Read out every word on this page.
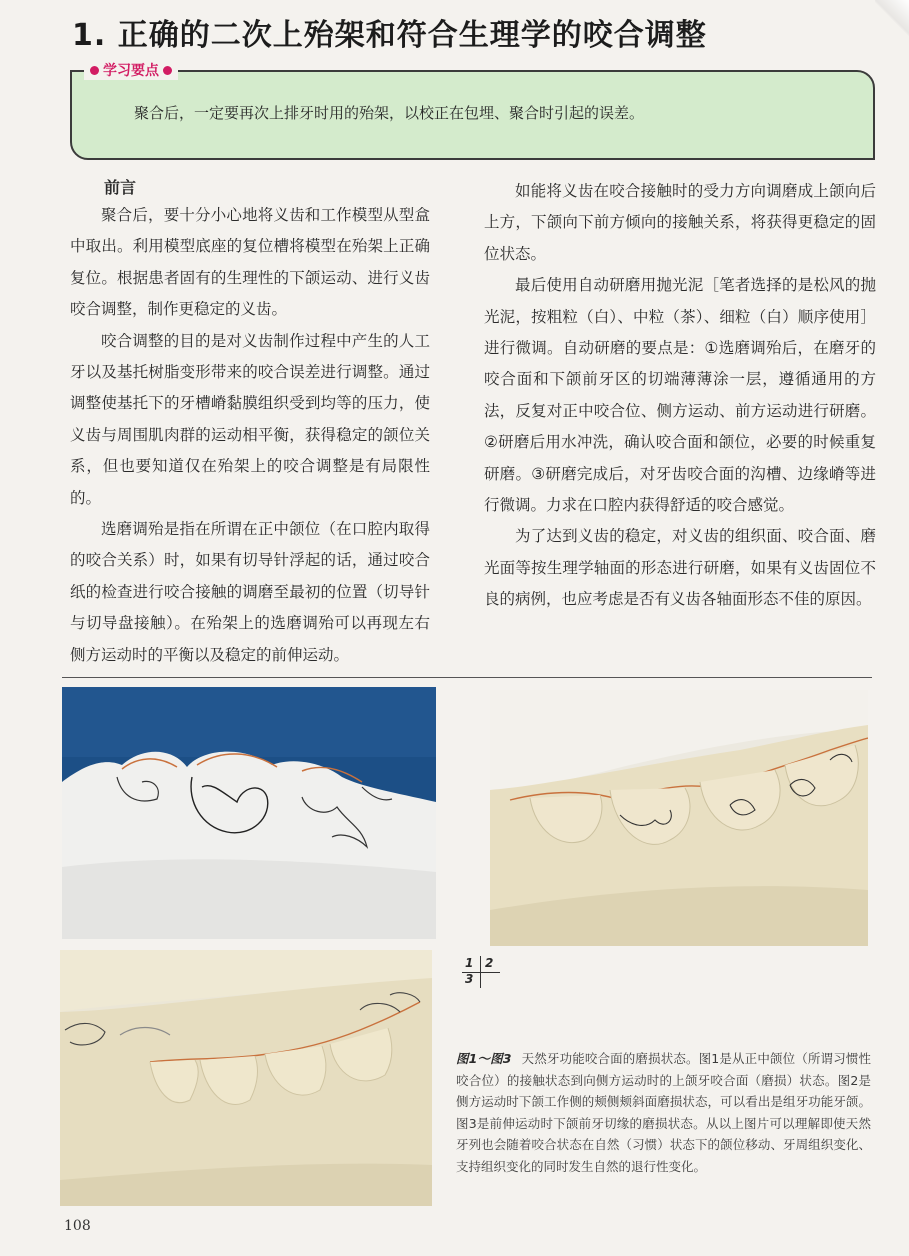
1. 正确的二次上殆架和符合生理学的咬合调整
学习要点
聚合后，一定要再次上排牙时用的殆架，以校正在包埋、聚合时引起的误差。
前言

聚合后，要十分小心地将义齿和工作模型从型盒中取出。利用模型底座的复位槽将模型在殆架上正确复位。根据患者固有的生理性的下颌运动、进行义齿咬合调整，制作更稳定的义齿。

咬合调整的目的是对义齿制作过程中产生的人工牙以及基托树脂变形带来的咬合误差进行调整。通过调整使基托下的牙槽嵴黏膜组织受到均等的压力，使义齿与周围肌肉群的运动相平衡，获得稳定的颌位关系，但也要知道仅在殆架上的咬合调整是有局限性的。

选磨调殆是指在所谓在正中颌位（在口腔内取得的咬合关系）时，如果有切导针浮起的话，通过咬合纸的检查进行咬合接触的调磨至最初的位置（切导针与切导盘接触）。在殆架上的选磨调殆可以再现左右侧方运动时的平衡以及稳定的前伸运动。

如能将义齿在咬合接触时的受力方向调磨成上颌向后上方，下颌向下前方倾向的接触关系，将获得更稳定的固位状态。

最后使用自动研磨用抛光泥［笔者选择的是松风的抛光泥，按粗粒（白）、中粒（茶）、细粒（白）顺序使用］进行微调。自动研磨的要点是：①选磨调殆后，在磨牙的咬合面和下颌前牙区的切端薄薄涂一层，遵循通用的方法，反复对正中咬合位、侧方运动、前方运动进行研磨。②研磨后用水冲洗，确认咬合面和颌位，必要的时候重复研磨。③研磨完成后，对牙齿咬合面的沟槽、边缘嵴等进行微调。力求在口腔内获得舒适的咬合感觉。

为了达到义齿的稳定，对义齿的组织面、咬合面、磨光面等按生理学轴面的形态进行研磨，如果有义齿固位不良的病例，也应考虑是否有义齿各轴面形态不佳的原因。

1 2
3
图1～图3 天然牙功能咬合面的磨损状态。图1是从正中颌位（所谓习惯性咬合位）的接触状态到向侧方运动时的上颌牙咬合面（磨损）状态。图2是侧方运动时下颌工作侧的颊侧颊斜面磨损状态，可以看出是组牙功能牙颌。图3是前伸运动时下颌前牙切缘的磨损状态。从以上图片可以理解即使天然牙列也会随着咬合状态在自然（习惯）状态下的颌位移动、牙周组织变化、支持组织变化的同时发生自然的退行性变化。
108
